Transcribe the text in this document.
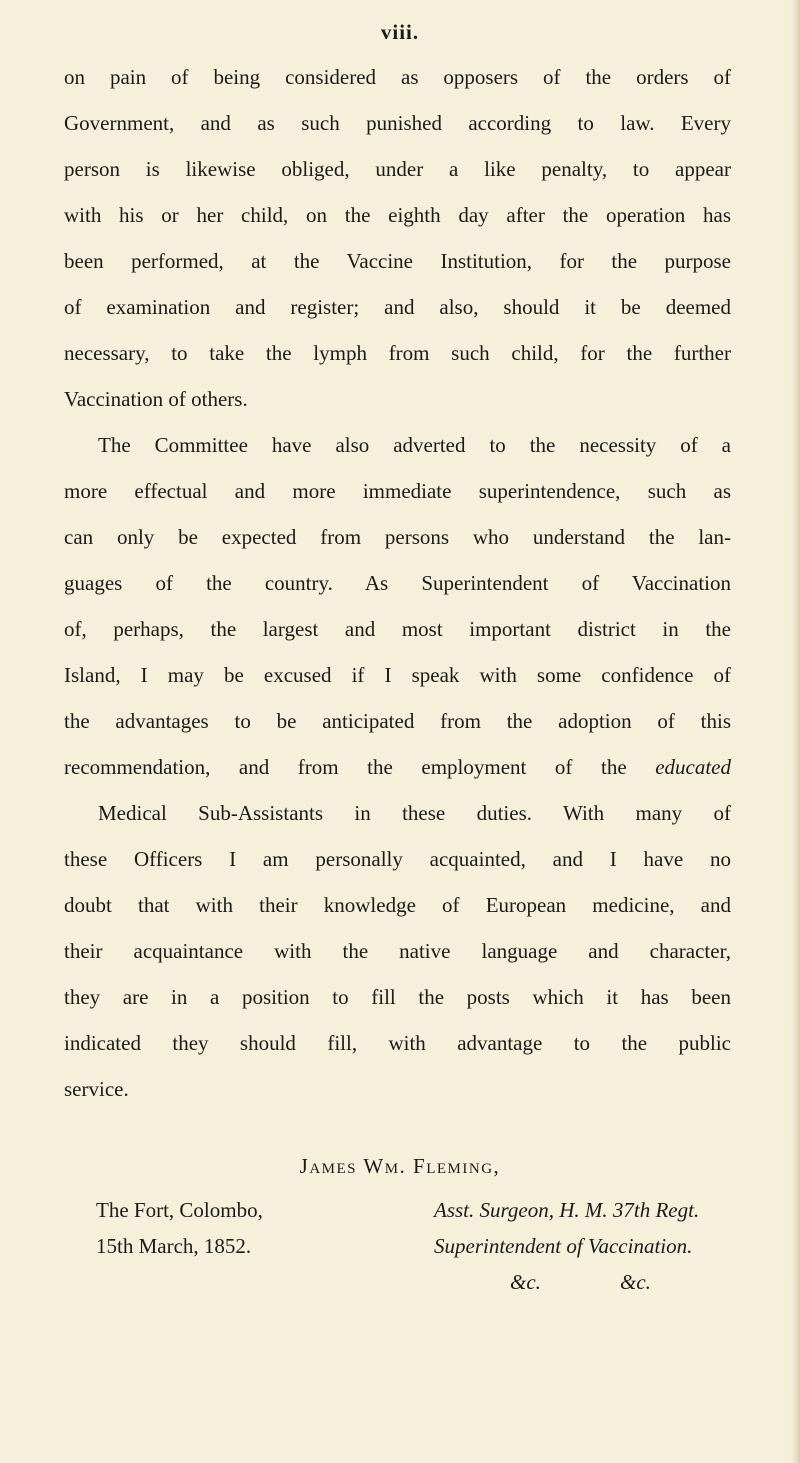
viii.
on pain of being considered as opposers of the orders of
Government, and as such punished according to law. Every
person is likewise obliged, under a like penalty, to appear
with his or her child, on the eighth day after the operation has
been performed, at the Vaccine Institution, for the purpose
of examination and register; and also, should it be deemed
necessary, to take the lymph from such child, for the further
Vaccination of others.
The Committee have also adverted to the necessity of a
more effectual and more immediate superintendence, such as
can only be expected from persons who understand the lan-
guages of the country. As Superintendent of Vaccination
of, perhaps, the largest and most important district in the
Island, I may be excused if I speak with some confidence of
the advantages to be anticipated from the adoption of this
recommendation, and from the employment of the educated
Medical Sub-Assistants in these duties. With many of
these Officers I am personally acquainted, and I have no
doubt that with their knowledge of European medicine, and
their acquaintance with the native language and character,
they are in a position to fill the posts which it has been
indicated they should fill, with advantage to the public
service.
James Wm. Fleming,
The Fort, Colombo,
15th March, 1852.
Asst. Surgeon, H. M. 37th Regt.
Superintendent of Vaccination.
&c.	&c.
